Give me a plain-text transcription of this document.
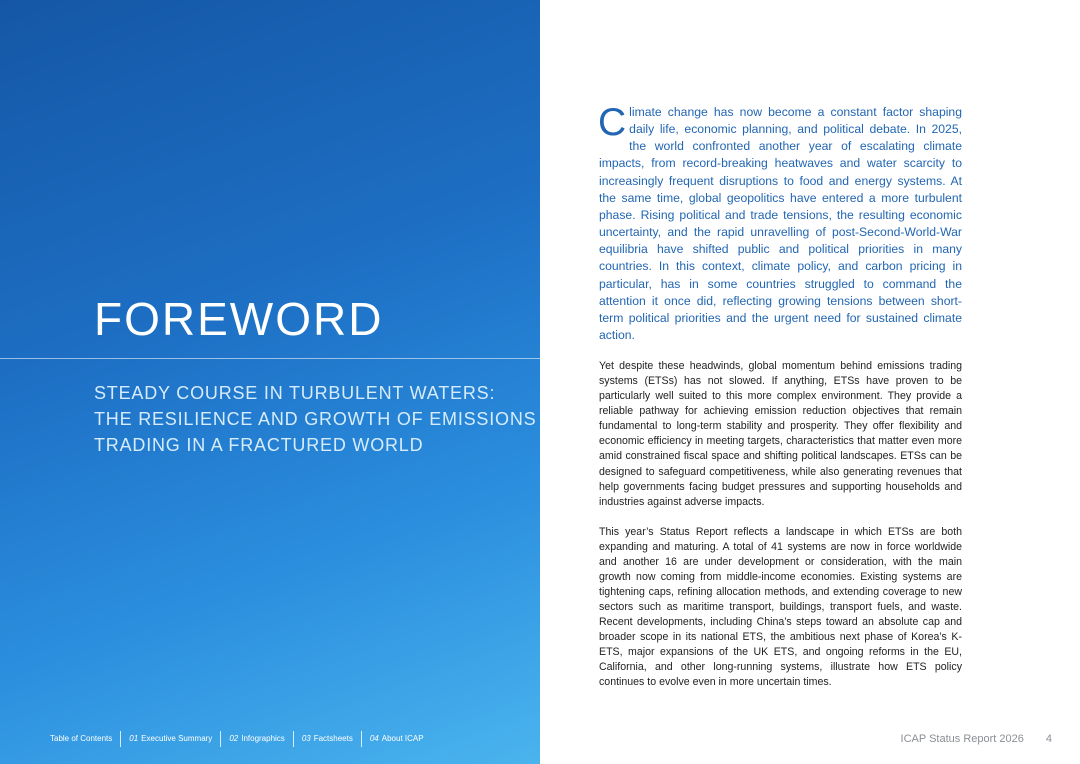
FOREWORD
STEADY COURSE IN TURBULENT WATERS:
THE RESILIENCE AND GROWTH OF EMISSIONS
TRADING IN A FRACTURED WORLD
Table of Contents	01 Executive Summary	02 Infographics	03 Factsheets	04 About ICAP

Climate change has now become a constant factor shaping daily life, economic planning, and political debate. In 2025, the world confronted another year of escalating climate impacts, from record-breaking heatwaves and water scarcity to increasingly frequent disruptions to food and energy systems. At the same time, global geopolitics have entered a more turbulent phase. Rising political and trade tensions, the resulting economic uncertainty, and the rapid unravelling of post-Second-World-War equilibria have shifted public and political priorities in many countries. In this context, climate policy, and carbon pricing in particular, has in some countries struggled to command the attention it once did, reflecting growing tensions between short-term political priorities and the urgent need for sustained climate action.

Yet despite these headwinds, global momentum behind emissions trading systems (ETSs) has not slowed. If anything, ETSs have proven to be particularly well suited to this more complex environment. They provide a reliable pathway for achieving emission reduction objectives that remain fundamental to long-term stability and prosperity. They offer flexibility and economic efficiency in meeting targets, characteristics that matter even more amid constrained fiscal space and shifting political landscapes. ETSs can be designed to safeguard competitiveness, while also generating revenues that help governments facing budget pressures and supporting households and industries against adverse impacts.

This year’s Status Report reflects a landscape in which ETSs are both expanding and maturing. A total of 41 systems are now in force worldwide and another 16 are under development or consideration, with the main growth now coming from middle-income economies. Existing systems are tightening caps, refining allocation methods, and extending coverage to new sectors such as maritime transport, buildings, transport fuels, and waste. Recent developments, including China’s steps toward an absolute cap and broader scope in its national ETS, the ambitious next phase of Korea’s K-ETS, major expansions of the UK ETS, and ongoing reforms in the EU, California, and other long-running systems, illustrate how ETS policy continues to evolve even in more uncertain times.

ICAP Status Report 2026 4
